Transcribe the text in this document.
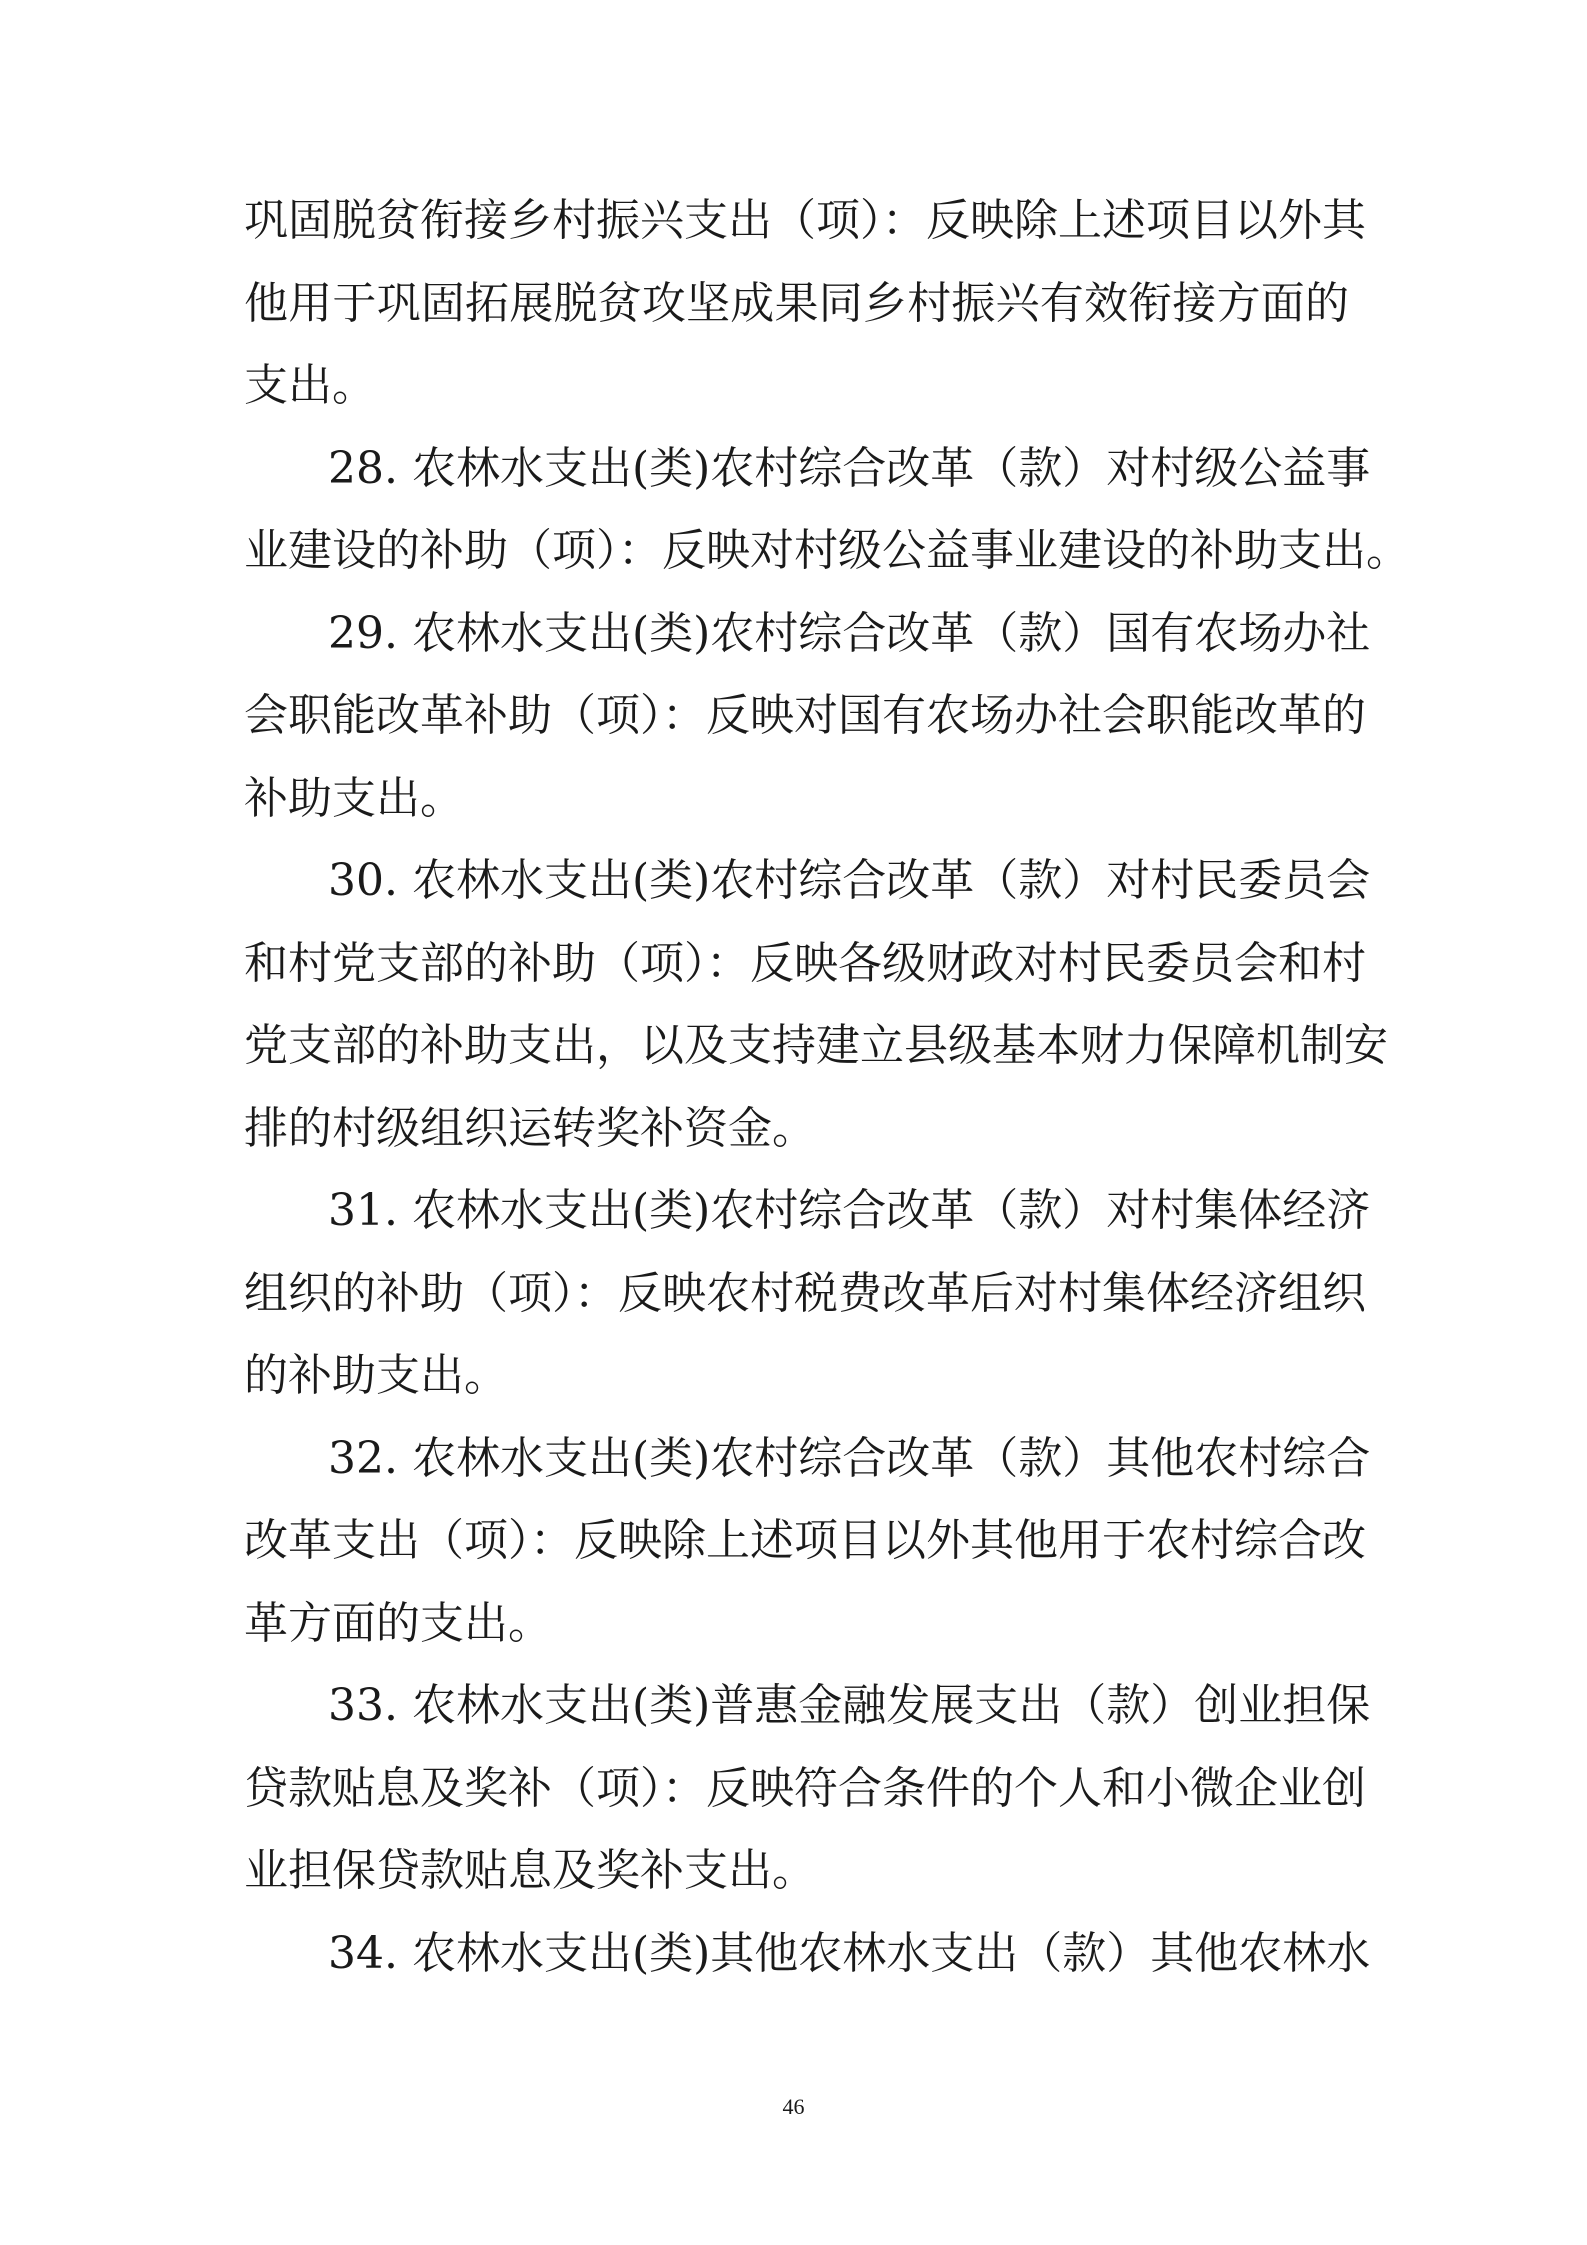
巩固脱贫衔接乡村振兴支出（项）：反映除上述项目以外其
他用于巩固拓展脱贫攻坚成果同乡村振兴有效衔接方面的
支出。
28. 农林水支出(类)农村综合改革（款）对村级公益事
业建设的补助（项）：反映对村级公益事业建设的补助支出。
29. 农林水支出(类)农村综合改革（款）国有农场办社
会职能改革补助（项）：反映对国有农场办社会职能改革的
补助支出。
30. 农林水支出(类)农村综合改革（款）对村民委员会
和村党支部的补助（项）：反映各级财政对村民委员会和村
党支部的补助支出，以及支持建立县级基本财力保障机制安
排的村级组织运转奖补资金。
31. 农林水支出(类)农村综合改革（款）对村集体经济
组织的补助（项）：反映农村税费改革后对村集体经济组织
的补助支出。
32. 农林水支出(类)农村综合改革（款）其他农村综合
改革支出（项）：反映除上述项目以外其他用于农村综合改
革方面的支出。
33. 农林水支出(类)普惠金融发展支出（款）创业担保
贷款贴息及奖补（项）：反映符合条件的个人和小微企业创
业担保贷款贴息及奖补支出。
34. 农林水支出(类)其他农林水支出（款）其他农林水
46
